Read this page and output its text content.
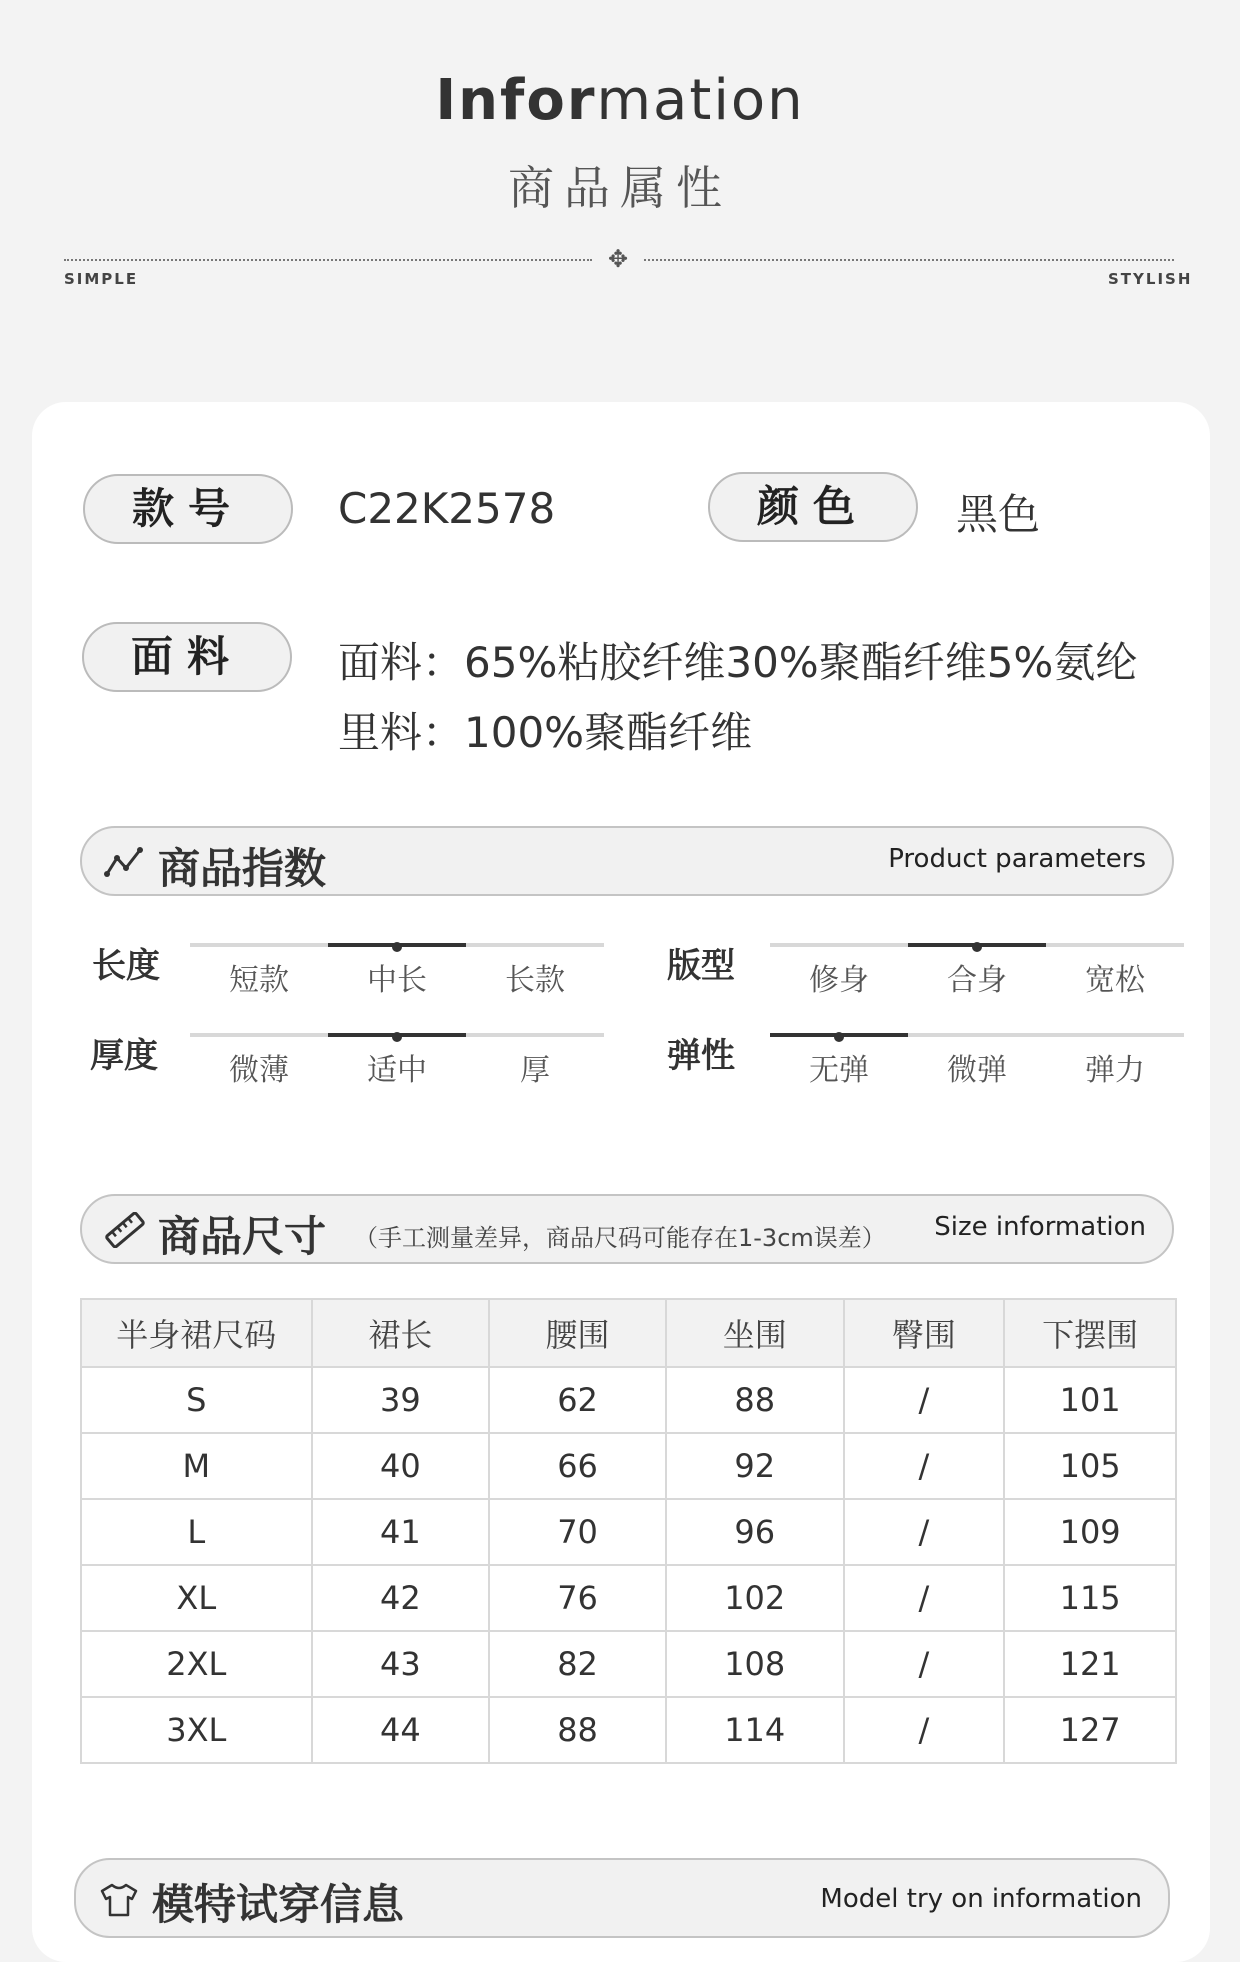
Information
商品属性
✥
SIMPLE	STYLISH
款号	C22K2578	颜色	黑色
面料	面料：65%粘胶纤维30%聚酯纤维5%氨纶
里料：100%聚酯纤维
商品指数	Product parameters
长度	短款	中长	长款	版型	修身	合身	宽松
厚度	微薄	适中	厚	弹性	无弹	微弹	弹力
商品尺寸 （手工测量差异，商品尺码可能存在1-3cm误差） Size information
半身裙尺码	裙长	腰围	坐围	臀围	下摆围
S	39	62	88	/	101
M	40	66	92	/	105
L	41	70	96	/	109
XL	42	76	102	/	115
2XL	43	82	108	/	121
3XL	44	88	114	/	127
模特试穿信息	Model try on information
